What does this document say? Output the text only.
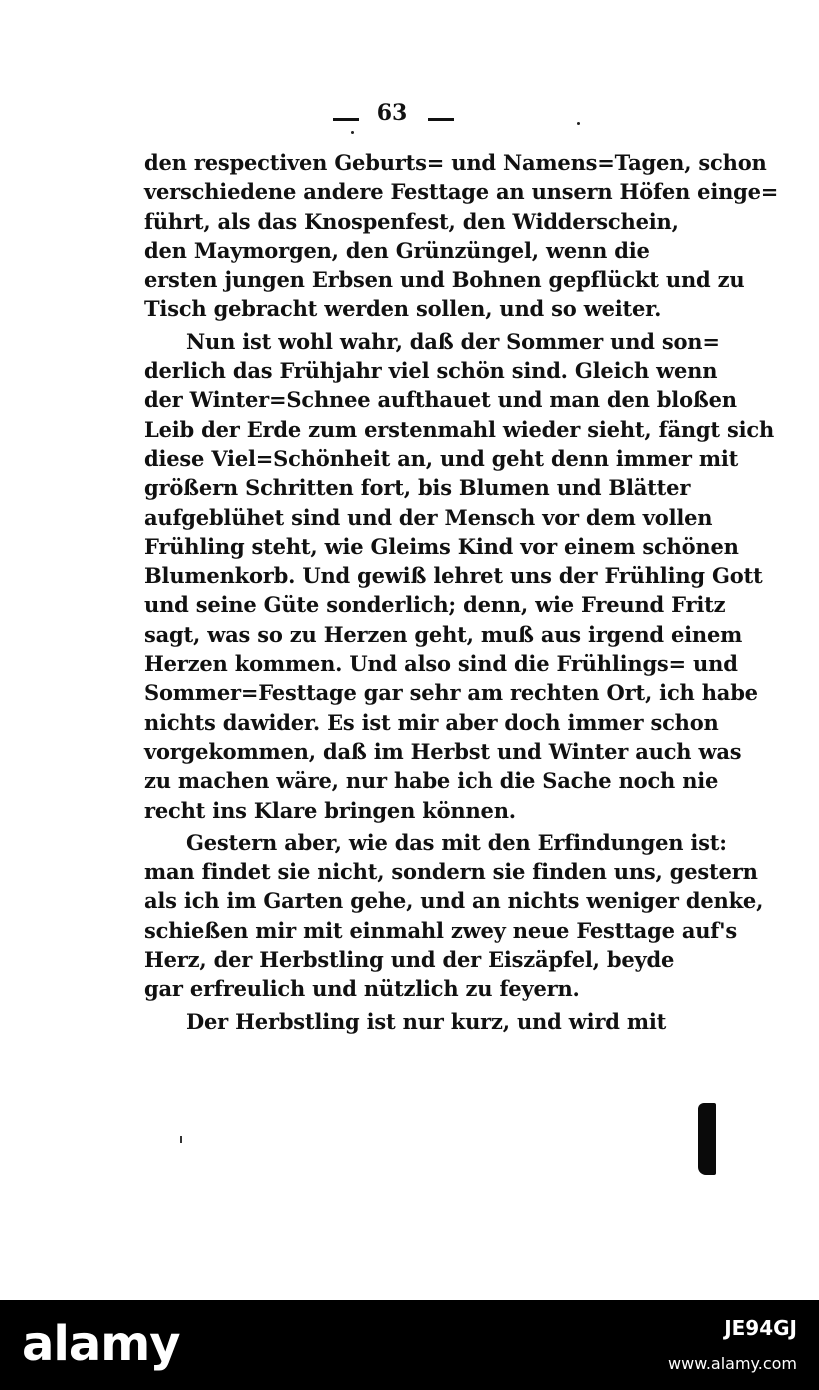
63
den respectiven Geburts= und Namens=Tagen, schon
verschiedene andere Festtage an unsern Höfen einge=
führt, als das Knospenfest, den Widderschein,
den Maymorgen, den Grünzüngel, wenn die
ersten jungen Erbsen und Bohnen gepflückt und zu
Tisch gebracht werden sollen, und so weiter.
Nun ist wohl wahr, daß der Sommer und son=
derlich das Frühjahr viel schön sind. Gleich wenn
der Winter=Schnee aufthauet und man den bloßen
Leib der Erde zum erstenmahl wieder sieht, fängt sich
diese Viel=Schönheit an, und geht denn immer mit
größern Schritten fort, bis Blumen und Blätter
aufgeblühet sind und der Mensch vor dem vollen
Frühling steht, wie Gleims Kind vor einem schönen
Blumenkorb. Und gewiß lehret uns der Frühling Gott
und seine Güte sonderlich; denn, wie Freund Fritz
sagt, was so zu Herzen geht, muß aus irgend einem
Herzen kommen. Und also sind die Frühlings= und
Sommer=Festtage gar sehr am rechten Ort, ich habe
nichts dawider. Es ist mir aber doch immer schon
vorgekommen, daß im Herbst und Winter auch was
zu machen wäre, nur habe ich die Sache noch nie
recht ins Klare bringen können.
Gestern aber, wie das mit den Erfindungen ist:
man findet sie nicht, sondern sie finden uns, gestern
als ich im Garten gehe, und an nichts weniger denke,
schießen mir mit einmahl zwey neue Festtage auf's
Herz, der Herbstling und der Eiszäpfel, beyde
gar erfreulich und nützlich zu feyern.
Der Herbstling ist nur kurz, und wird mit
alamy	JE94GJ
www.alamy.com
